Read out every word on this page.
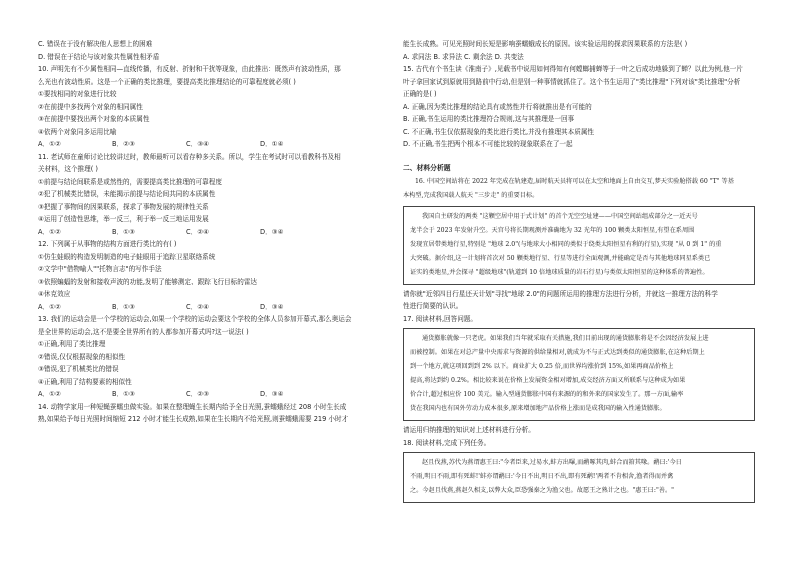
C. 错误在于没有解决他人思想上的困难
D. 错误在于结论与该对象共性属性相矛盾
10. 声明先有不少属性相同—直线传播，有反射、折射和干扰等现象，由此推出：既然声有波动性质，那
么光也有波动性质。这是一个正确的类比推理，要提高类比推理结论的可靠程度就必须( )
①要找相同的对象进行比较
②在前提中多找两个对象的相同属性
③在前提中要找出两个对象的本质属性
④依两个对象同多运用比喻
A．①②	B．②③	C．③④	D．①④
11. 老试师在童师讨论比较讲过时，教师最听可以看存种多关系。所以，学生在考试时可以看教科书及相
关材料，这个推理( )
①前提与结论间联系是或然性的，需要提高类比推理的可靠程度
②犯了机械类比错误，未能揭示前提与结论间共同的本质属性
③把握了事物间的因果联系，探求了事物发展的规律性关系
④运用了创造性思维，举一反三，利于举一反三地运用发展
A．①②	B．①③	C．②④	D．③④
12. 下列属于从事物的结构方面进行类比的有( )
①仿生蛙眼的构造发明制造的电子蛙眼用于追踪卫星联络系统
②文学中"借物喻人""托物言志"的写作手法
③依照蝙蝠的发射和接收声波的功能,发明了能够测定、跟踪飞行目标的雷达
④休克效应
A．①②	B．①③	C．②④	D．③④
13. 我们的运动会是一个学校的运动会,如果一个学校的运动会要这个学校的全体人员参加开幕式,那么奥运会
是全世界的运动会,这不是要全世界所有的人都参加开幕式吗?这一说法( )
①正确,利用了类比推理
②错误,仅仅根据现象的相似性
③错误,犯了机械类比的错误
④正确,利用了结构要素的相似性
A．①②	B．①③	C．②③	D．③④
14. 动物学家用一种短蝇蚕蠕虫做实验。如果在整理蝇生长期内给予全日光照,蚕蠕蛾经过 208 小时生长成
熟,如果给予每日光照时间缩短 212 小时才能生长成熟,如果在生长期内不给光照,则蚕蠕蛾需要 219 小时才
能生长成熟。可见光照时间长短是影响蚕蠕蛾成长的原因。该实验运用的探求因果联系的方法是( )
A. 求同法 B. 求异法 C. 剩余法 D. 共变法
15. 古代有个书生读《淮南子》,见载书中说用如何得知有何螳螂捕蝉等于一叶之后成功地躲到了蝉？以此为例,他一片
叶子拿回家试到原就用到路前中行动,但是别一种事情就抓住了。这个书生运用了"类比推理"下列对该"类比推理"分析
正确的是( )
A. 正确,因为类比推理的结论具有或然性并行将就推出是有可能的
B. 正确,书生运用的类比推理符合规则,这与其推理是一回事
C. 不正确,书生仅依据现象的类比进行类比,并没有推理其本质属性
D. 不正确,书生把两个根本不可能比较的现象联系在了一起
二、材料分析题
16. 中国空间站将在 2022 年完成在轨建造,届时航天员将可以在太空和地面上自由交互,梦天实验舱搭载 60 "T" 等基
本构型,完成我国载人航天 "三步走" 的重要目标。
我国自主研发的两类 "这颗空居中用于式计划" 的首个无空空址建——中国空间站组成部分之一近天号
龙半会于 2023 年发射升空。天宫号将长期观测并准确地为 32 光年的 100 颗类太阳恒星,有望在系周围
发现宜居带类地行星,特别是 "地球 2.0"(与地球大小相同的类似于绕类太阳恒星有利的行星),实现 "从 0 到 1" 的重
大突破。据介绍,这一计划将首次对 50 颗类地行星、行星等进行全面观测,并能确定是否与其他地球同星系类已
证实的类地星,并会探寻 "超级地球"(轨道到 10 倍地球质量的岩石行星)与类似太阳恒星的这种体系的普遍性。
请你就"近邻四目行星还天计划"寻找"地球 2.0"的问题所运用的推理方法进行分析，并就这一推理方法的科学
性进行简要的认识。
17. 阅读材料,回答问题。
通货膨胀就像一只老虎。如果我们当年就采取有关措施,我们目前出现的通货膨胀将是不会因经济发展上进
而被控制。如果在对总产量中央需求与资源的供给量相对,就成为不与正式达到类似的通货膨胀,在这种后期上
到一个地方,就这项回到到 2% 以下。商业扩大 0.25 倍,而世界均涨价到 15%,如果再商品价格上
提高,将达到约 0.2%。相比较来说在价格上发展资金相对增加,成交经济方面又所联系与这种成为如果
价合计,超过相应价 100 美元。输入型通货膨胀中国有来源的的和外来的国家发生了。那一方面,输率
货在我国内也有国外劳动力成本很多,原来增加地产品价格上涨而是成我国的输入性通货膨胀。
请运用归纳推理的知识对上述材料进行分析。
18. 阅读材料,完成下列任务。
赵且伐燕,苏代为燕谓惠王曰:"今者臣来,过易水,蚌方出曝,而鹬啄其肉,蚌合而箝其喙。鹬曰:'今日
不雨,明日不雨,即有死蚌!'蚌亦谓鹬曰:'今日不出,明日不出,即有死鹬!'两者不肯相舍,渔者得而并禽
之。今赵且伐燕,燕赵久相支,以弊大众,臣恐强秦之为渔父也。故愿王之熟计之也。"惠王曰:"善。"
